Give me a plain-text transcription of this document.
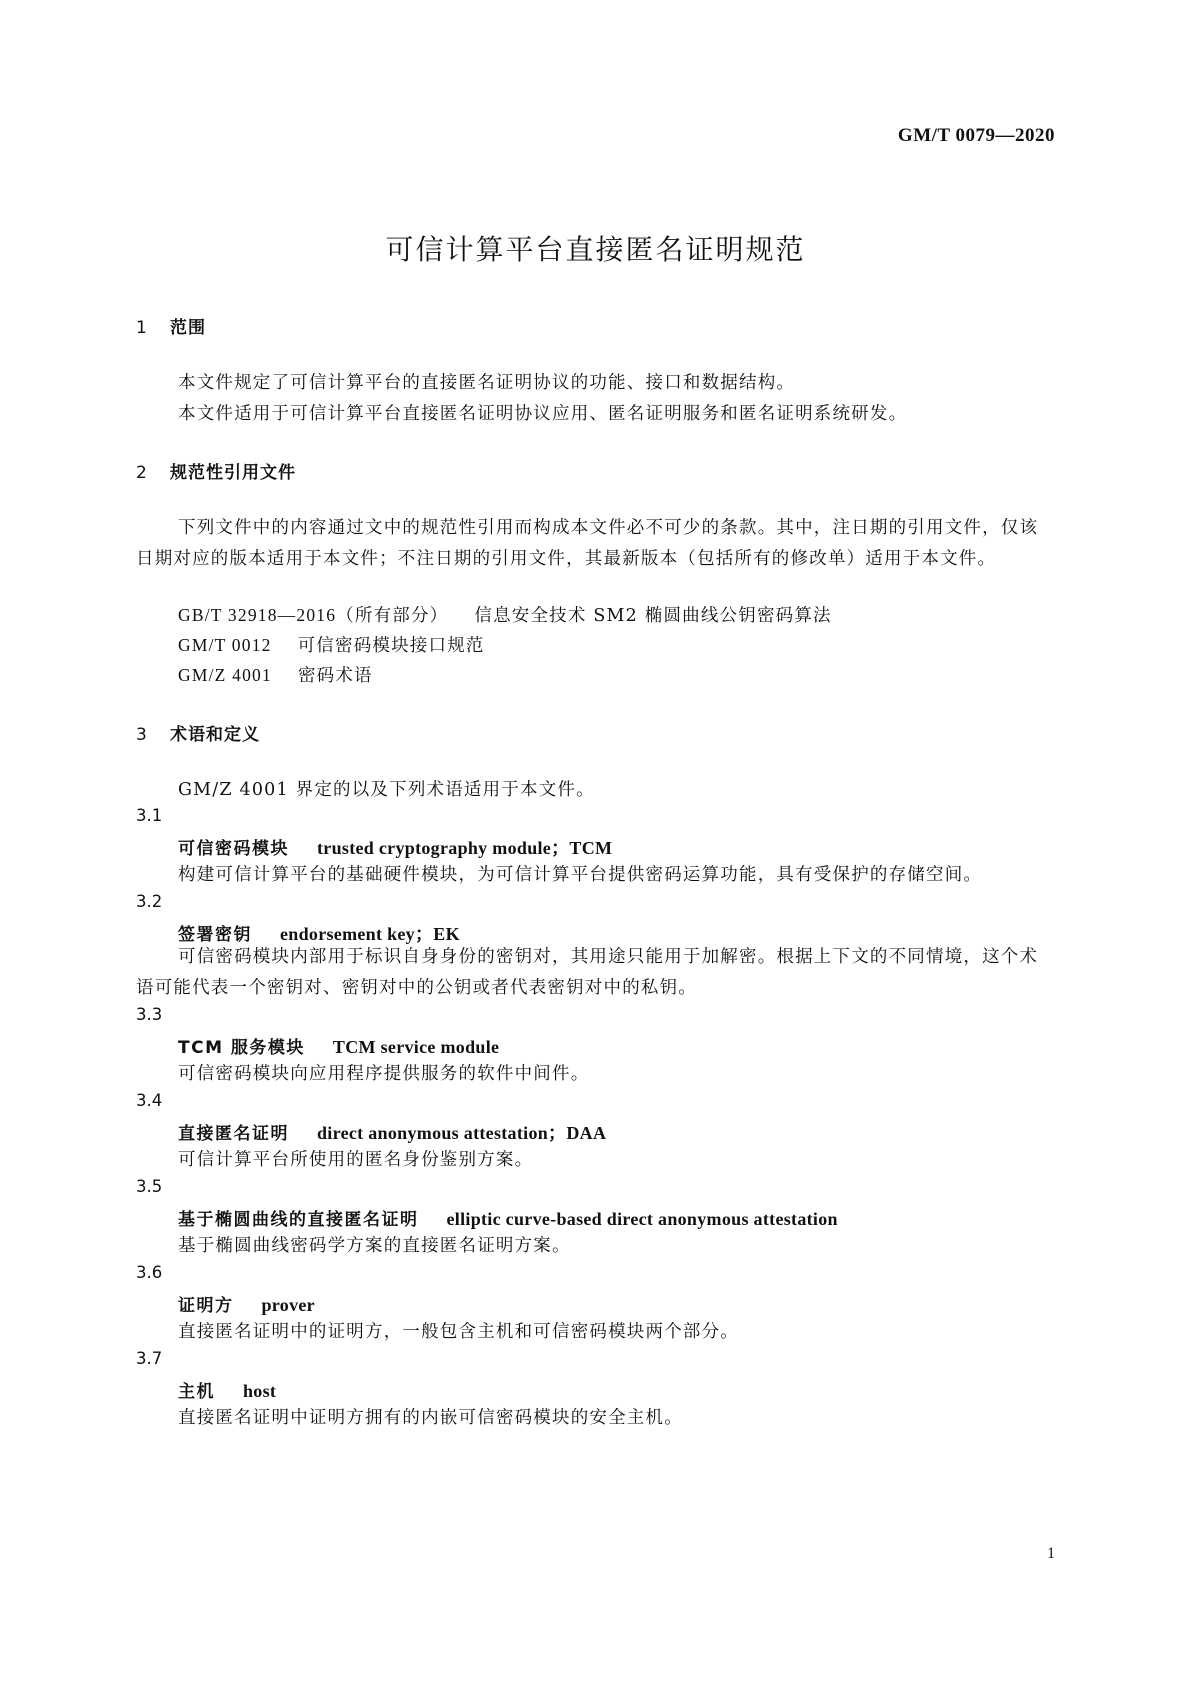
GM/T 0079—2020
可信计算平台直接匿名证明规范
1 范围
本文件规定了可信计算平台的直接匿名证明协议的功能、接口和数据结构。
本文件适用于可信计算平台直接匿名证明协议应用、匿名证明服务和匿名证明系统研发。
2 规范性引用文件
下列文件中的内容通过文中的规范性引用而构成本文件必不可少的条款。其中，注日期的引用文件，仅该日期对应的版本适用于本文件；不注日期的引用文件，其最新版本（包括所有的修改单）适用于本文件。
GB/T 32918—2016（所有部分） 信息安全技术 SM2 椭圆曲线公钥密码算法
GM/T 0012 可信密码模块接口规范
GM/Z 4001 密码术语
3 术语和定义
GM/Z 4001 界定的以及下列术语适用于本文件。
3.1
可信密码模块 trusted cryptography module；TCM
构建可信计算平台的基础硬件模块，为可信计算平台提供密码运算功能，具有受保护的存储空间。
3.2
签署密钥 endorsement key；EK
可信密码模块内部用于标识自身身份的密钥对，其用途只能用于加解密。根据上下文的不同情境，这个术语可能代表一个密钥对、密钥对中的公钥或者代表密钥对中的私钥。
3.3
TCM 服务模块 TCM service module
可信密码模块向应用程序提供服务的软件中间件。
3.4
直接匿名证明 direct anonymous attestation；DAA
可信计算平台所使用的匿名身份鉴别方案。
3.5
基于椭圆曲线的直接匿名证明 elliptic curve-based direct anonymous attestation
基于椭圆曲线密码学方案的直接匿名证明方案。
3.6
证明方 prover
直接匿名证明中的证明方，一般包含主机和可信密码模块两个部分。
3.7
主机 host
直接匿名证明中证明方拥有的内嵌可信密码模块的安全主机。
1
